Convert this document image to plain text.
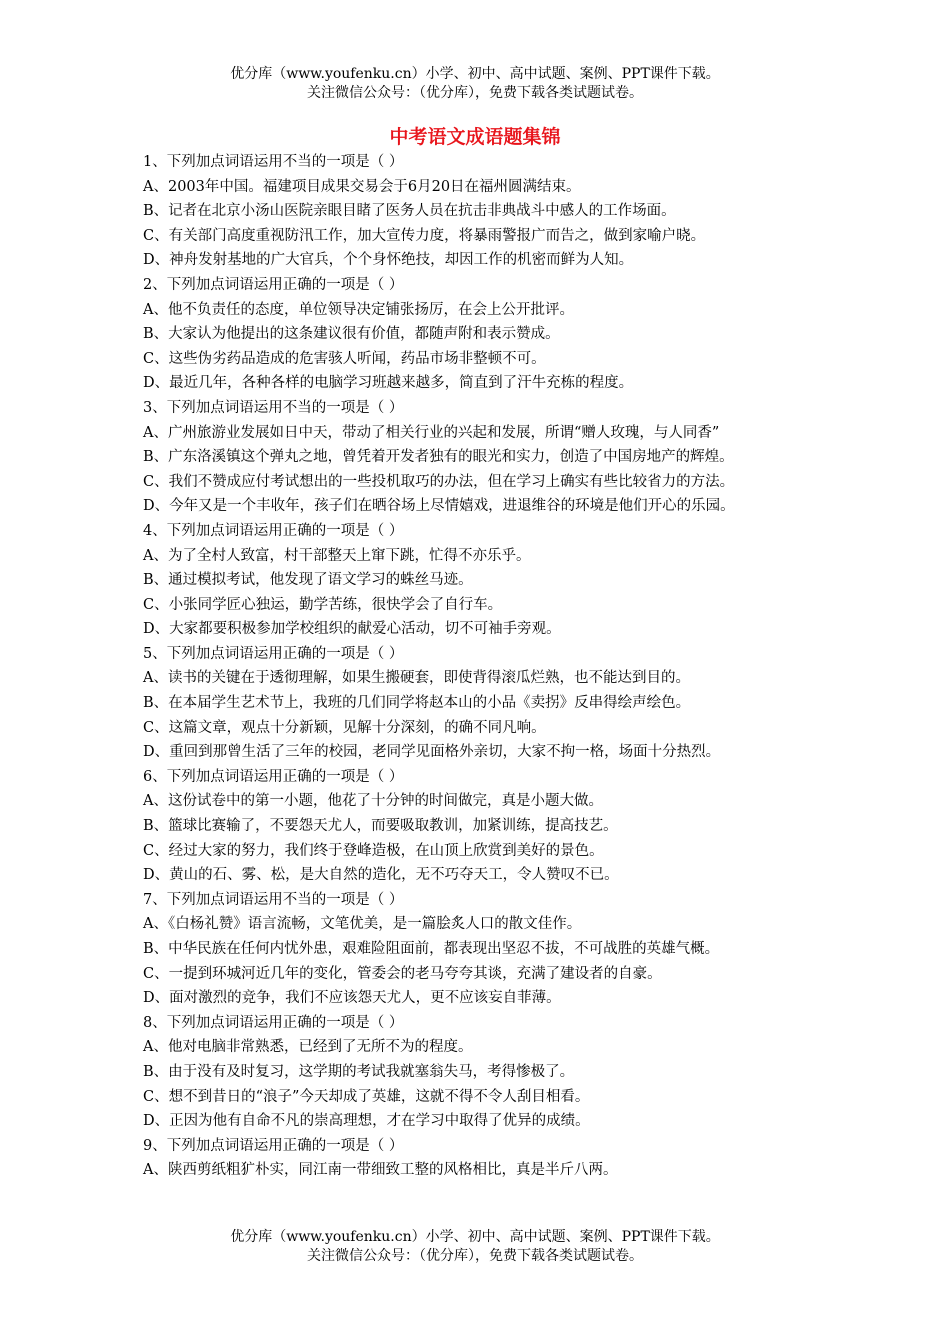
优分库（www.youfenku.cn）小学、初中、高中试题、案例、PPT课件下载。
关注微信公众号：（优分库），免费下载各类试题试卷。
中考语文成语题集锦
1、下列加点词语运用不当的一项是（ ）
A、2003年中国。福建项目成果交易会于6月20日在福州圆满结束。
B、记者在北京小汤山医院亲眼目睹了医务人员在抗击非典战斗中感人的工作场面。
C、有关部门高度重视防汛工作，加大宣传力度，将暴雨警报广而告之，做到家喻户晓。
D、神舟发射基地的广大官兵，个个身怀绝技，却因工作的机密而鲜为人知。
2、下列加点词语运用正确的一项是（ ）
A、他不负责任的态度，单位领导决定铺张扬厉，在会上公开批评。
B、大家认为他提出的这条建议很有价值，都随声附和表示赞成。
C、这些伪劣药品造成的危害骇人听闻，药品市场非整顿不可。
D、最近几年，各种各样的电脑学习班越来越多，简直到了汗牛充栋的程度。
3、下列加点词语运用不当的一项是（ ）
A、广州旅游业发展如日中天，带动了相关行业的兴起和发展，所谓“赠人玫瑰，与人同香”
B、广东洛溪镇这个弹丸之地，曾凭着开发者独有的眼光和实力，创造了中国房地产的辉煌。
C、我们不赞成应付考试想出的一些投机取巧的办法，但在学习上确实有些比较省力的方法。
D、今年又是一个丰收年，孩子们在晒谷场上尽情嬉戏，进退维谷的环境是他们开心的乐园。
4、下列加点词语运用正确的一项是（ ）
A、为了全村人致富，村干部整天上窜下跳，忙得不亦乐乎。
B、通过模拟考试，他发现了语文学习的蛛丝马迹。
C、小张同学匠心独运，勤学苦练，很快学会了自行车。
D、大家都要积极参加学校组织的献爱心活动，切不可袖手旁观。
5、下列加点词语运用正确的一项是（ ）
A、读书的关键在于透彻理解，如果生搬硬套，即使背得滚瓜烂熟，也不能达到目的。
B、在本届学生艺术节上，我班的几们同学将赵本山的小品《卖拐》反串得绘声绘色。
C、这篇文章，观点十分新颖，见解十分深刻，的确不同凡响。
D、重回到那曾生活了三年的校园，老同学见面格外亲切，大家不拘一格，场面十分热烈。
6、下列加点词语运用正确的一项是（ ）
A、这份试卷中的第一小题，他花了十分钟的时间做完，真是小题大做。
B、篮球比赛输了，不要怨天尤人，而要吸取教训，加紧训练，提高技艺。
C、经过大家的努力，我们终于登峰造极，在山顶上欣赏到美好的景色。
D、黄山的石、雾、松，是大自然的造化，无不巧夺天工，令人赞叹不已。
7、下列加点词语运用不当的一项是（ ）
A、《白杨礼赞》语言流畅，文笔优美，是一篇脍炙人口的散文佳作。
B、中华民族在任何内忧外患，艰难险阻面前，都表现出坚忍不拔，不可战胜的英雄气概。
C、一提到环城河近几年的变化，管委会的老马夸夸其谈，充满了建设者的自豪。
D、面对激烈的竞争，我们不应该怨天尤人，更不应该妄自菲薄。
8、下列加点词语运用正确的一项是（ ）
A、他对电脑非常熟悉，已经到了无所不为的程度。
B、由于没有及时复习，这学期的考试我就塞翁失马，考得惨极了。
C、想不到昔日的“浪子”今天却成了英雄，这就不得不令人刮目相看。
D、正因为他有自命不凡的崇高理想，才在学习中取得了优异的成绩。
9、下列加点词语运用正确的一项是（ ）
A、陕西剪纸粗犷朴实，同江南一带细致工整的风格相比，真是半斤八两。
优分库（www.youfenku.cn）小学、初中、高中试题、案例、PPT课件下载。
关注微信公众号：（优分库），免费下载各类试题试卷。
